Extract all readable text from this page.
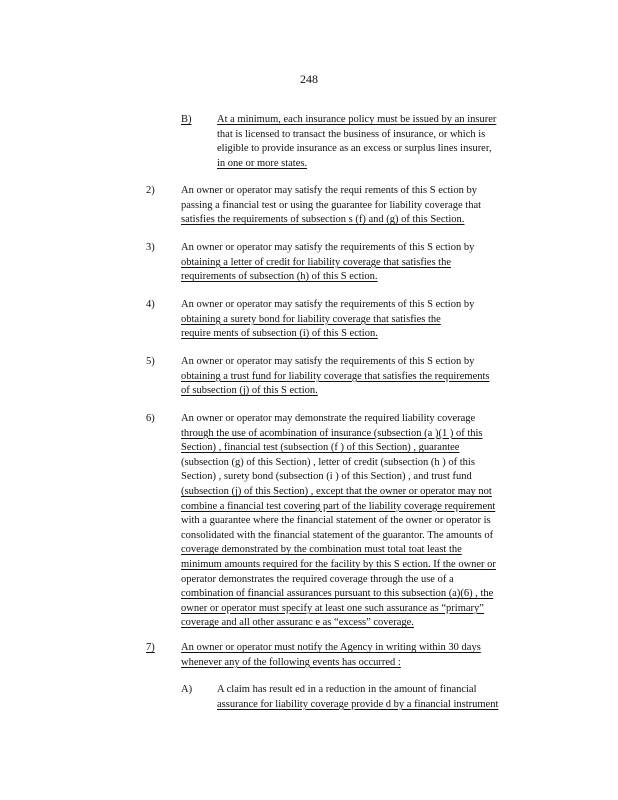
248
B) At a minimum, each insurance policy must be issued by an insurer
that is licensed to transact the business of insurance, or which is
eligible to provide insurance as an excess or surplus lines insurer,
in one or more states.
2)	An owner or operator may satisfy the requi rements of this S ection by
passing a financial test or using the guarantee for liability coverage that
satisfies the requirements of subsection s (f) and (g) of this Section.
3)	An owner or operator may satisfy the requirements of this S ection by
obtaining a letter of credit for liability coverage that satisfies the
requirements of subsection (h) of this S ection.
4)	An owner or operator may satisfy the requirements of this S ection by
obtaining a surety bond for liability coverage that satisfies the
require ments of subsection (i) of this S ection.
5)	An owner or operator may satisfy the requirements of this S ection by
obtaining a trust fund for liability coverage that satisfies the requirements
of subsection (j) of this S ection.
6)	An owner or operator may demonstrate the required liability coverage
through the use of acombination of insurance (subsection (a )(1 ) of this
Section) , financial test (subsection (f ) of this Section) , guarantee
(subsection (g) of this Section) , letter of credit (subsection (h ) of this
Section) , surety bond (subsection (i ) of this Section) , and trust fund
(subsection (j) of this Section) , except that the owner or operator may not
combine a financial test covering part of the liability coverage requirement
with a guarantee where the financial statement of the owner or operator is
consolidated with the financial statement of the guarantor. The amounts of
coverage demonstrated by the combination must total toat least the
minimum amounts required for the facility by this S ection. If the owner or
operator demonstrates the required coverage through the use of a
combination of financial assurances pursuant to this subsection (a)(6) , the
owner or operator must specify at least one such assurance as “primary”
coverage and all other assuranc e as “excess” coverage.
7)	An owner or operator must notify the Agency in writing within 30 days
whenever any of the following events has occurred :
A) A claim has result ed in a reduction in the amount of financial
assurance for liability coverage provide d by a financial instrument
